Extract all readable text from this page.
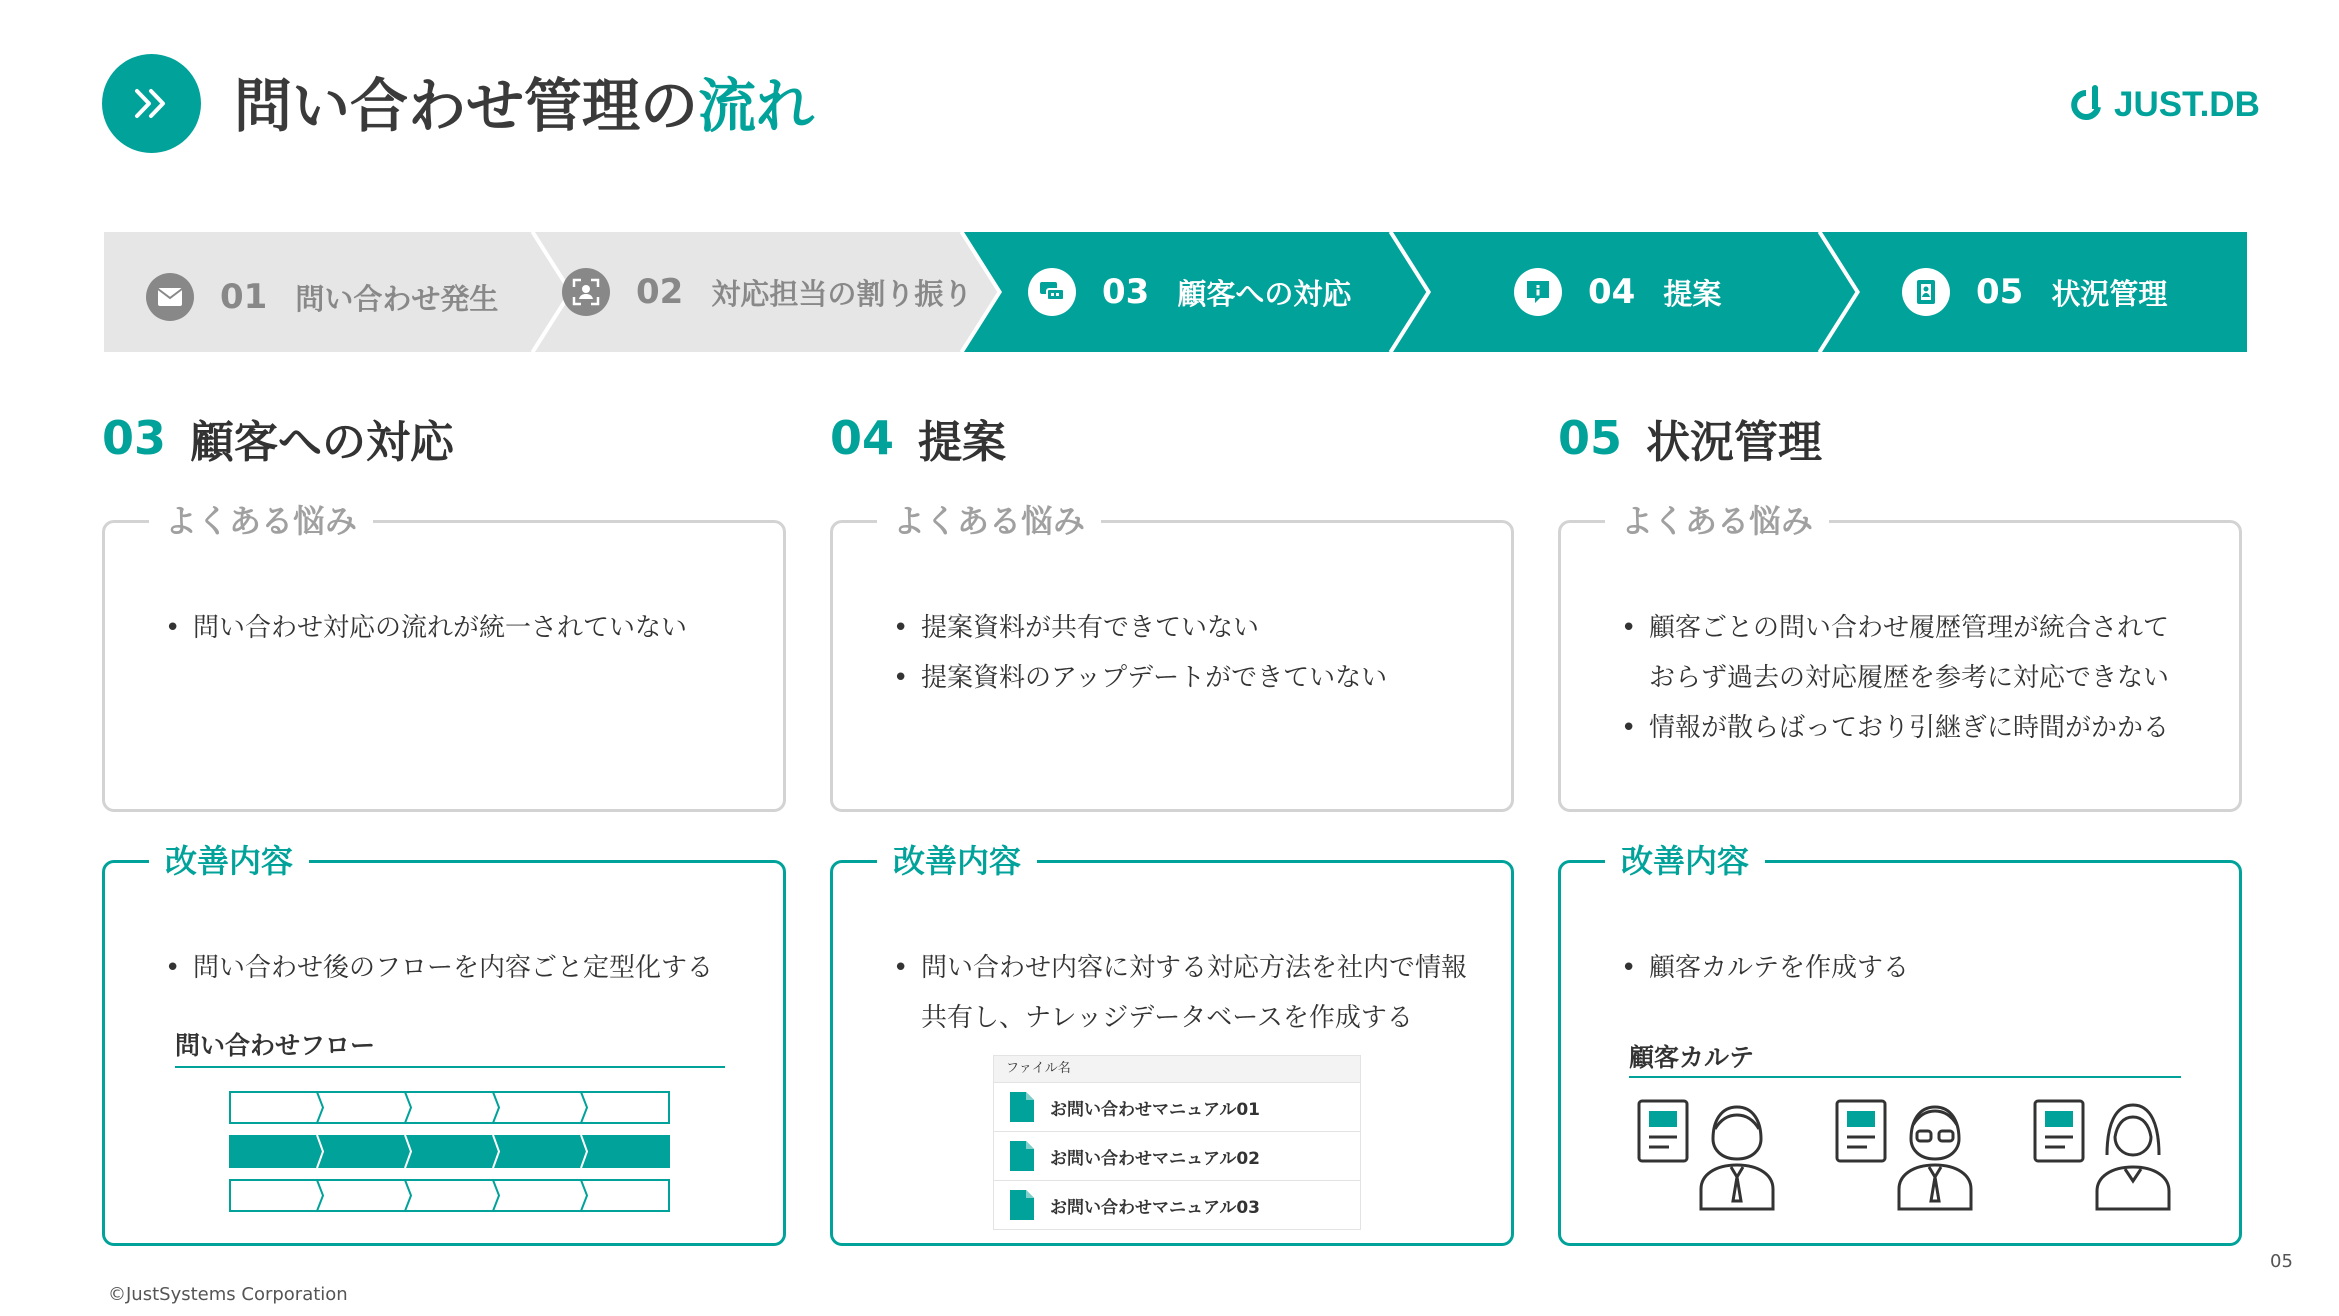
問い合わせ管理の流れ	JUST.DB
01 問い合わせ発生	02 対応担当の割り振り	03 顧客への対応	04 提案	05 状況管理
03 顧客への対応
よくある悩み
• 問い合わせ対応の流れが統一されていない
改善内容
• 問い合わせ後のフローを内容ごと定型化する
問い合わせフロー
04 提案
よくある悩み
• 提案資料が共有できていない
• 提案資料のアップデートができていない
改善内容
• 問い合わせ内容に対する対応方法を社内で情報共有し、ナレッジデータベースを作成する
ファイル名
お問い合わせマニュアル01
お問い合わせマニュアル02
お問い合わせマニュアル03
05 状況管理
よくある悩み
• 顧客ごとの問い合わせ履歴管理が統合されておらず過去の対応履歴を参考に対応できない
• 情報が散らばっており引継ぎに時間がかかる
改善内容
• 顧客カルテを作成する
顧客カルテ
©JustSystems Corporation
05
